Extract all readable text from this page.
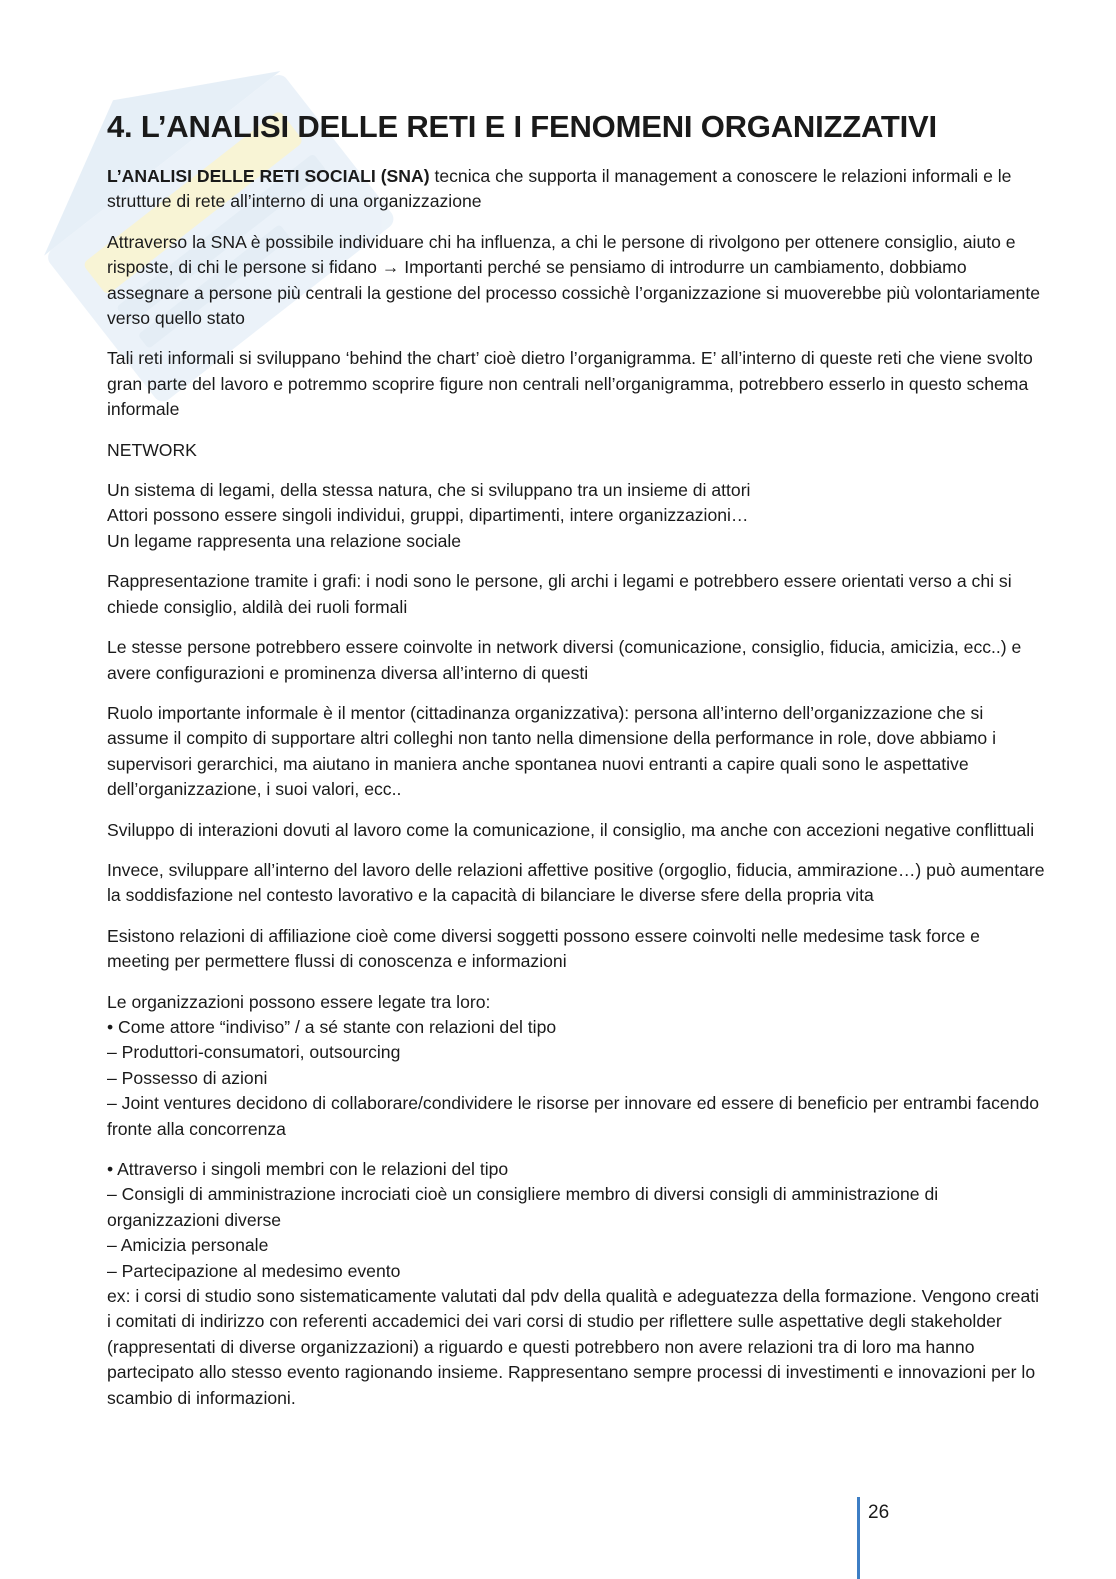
4. L’ANALISI DELLE RETI E I FENOMENI ORGANIZZATIVI

L’ANALISI DELLE RETI SOCIALI (SNA) tecnica che supporta il management a conoscere le relazioni informali e le strutture di rete all’interno di una organizzazione

Attraverso la SNA è possibile individuare chi ha influenza, a chi le persone di rivolgono per ottenere consiglio, aiuto e risposte, di chi le persone si fidano → Importanti perché se pensiamo di introdurre un cambiamento, dobbiamo assegnare a persone più centrali la gestione del processo cossichè l’organizzazione si muoverebbe più volontariamente verso quello stato

Tali reti informali si sviluppano ‘behind the chart’ cioè dietro l’organigramma. E’ all’interno di queste reti che viene svolto gran parte del lavoro e potremmo scoprire figure non centrali nell’organigramma, potrebbero esserlo in questo schema informale

NETWORK

Un sistema di legami, della stessa natura, che si sviluppano tra un insieme di attori
Attori possono essere singoli individui, gruppi, dipartimenti, intere organizzazioni…
Un legame rappresenta una relazione sociale

Rappresentazione tramite i grafi: i nodi sono le persone, gli archi i legami e potrebbero essere orientati verso a chi si chiede consiglio, aldilà dei ruoli formali

Le stesse persone potrebbero essere coinvolte in network diversi (comunicazione, consiglio, fiducia, amicizia, ecc..) e avere configurazioni e prominenza diversa all’interno di questi

Ruolo importante informale è il mentor (cittadinanza organizzativa): persona all’interno dell’organizzazione che si assume il compito di supportare altri colleghi non tanto nella dimensione della performance in role, dove abbiamo i supervisori gerarchici, ma aiutano in maniera anche spontanea nuovi entranti a capire quali sono le aspettative dell’organizzazione, i suoi valori, ecc..

Sviluppo di interazioni dovuti al lavoro come la comunicazione, il consiglio, ma anche con accezioni negative conflittuali

Invece, sviluppare all’interno del lavoro delle relazioni affettive positive (orgoglio, fiducia, ammirazione…) può aumentare la soddisfazione nel contesto lavorativo e la capacità di bilanciare le diverse sfere della propria vita

Esistono relazioni di affiliazione cioè come diversi soggetti possono essere coinvolti nelle medesime task force e meeting per permettere flussi di conoscenza e informazioni

Le organizzazioni possono essere legate tra loro:
• Come attore “indiviso” / a sé stante con relazioni del tipo
– Produttori-consumatori, outsourcing
– Possesso di azioni
– Joint ventures decidono di collaborare/condividere le risorse per innovare ed essere di beneficio per entrambi facendo fronte alla concorrenza

• Attraverso i singoli membri con le relazioni del tipo
– Consigli di amministrazione incrociati cioè un consigliere membro di diversi consigli di amministrazione di organizzazioni diverse
– Amicizia personale
– Partecipazione al medesimo evento
ex: i corsi di studio sono sistematicamente valutati dal pdv della qualità e adeguatezza della formazione. Vengono creati i comitati di indirizzo con referenti accademici dei vari corsi di studio per riflettere sulle aspettative degli stakeholder (rappresentati di diverse organizzazioni) a riguardo e questi potrebbero non avere relazioni tra di loro ma hanno partecipato allo stesso evento ragionando insieme. Rappresentano sempre processi di investimenti e innovazioni per lo scambio di informazioni.

26
